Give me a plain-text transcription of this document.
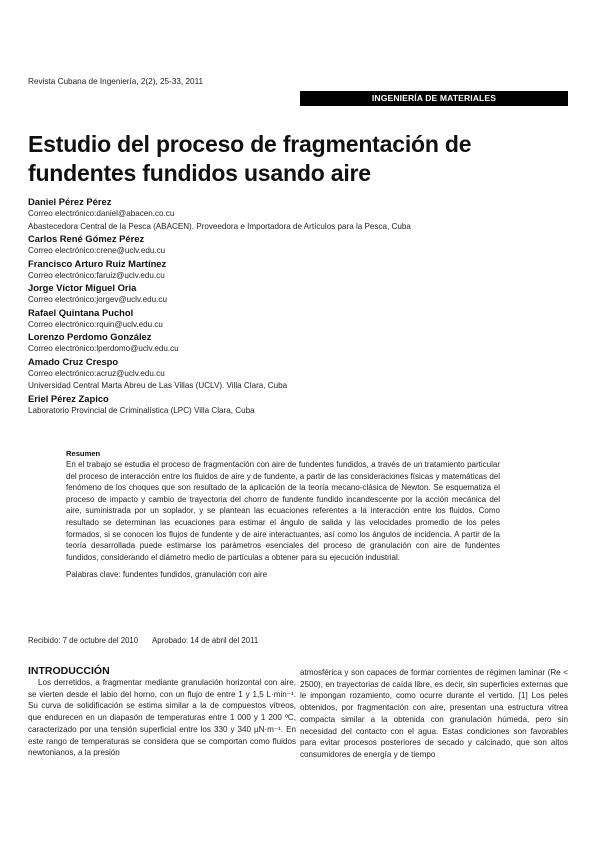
Revista Cubana de Ingeniería, 2(2), 25-33, 2011
INGENIERÍA DE MATERIALES
Estudio del proceso de fragmentación de fundentes fundidos usando aire
Daniel Pérez Pérez
Correo electrónico:daniel@abacen.co.cu
Abastecedora Central de la Pesca (ABACEN). Proveedora e Importadora de Artículos para la Pesca, Cuba
Carlos René Gómez Pérez
Correo electrónico:crene@uclv.edu.cu
Francisco Arturo Ruiz Martínez
Correo electrónico:faruiz@uclv.edu.cu
Jorge Víctor Miguel Oria
Correo electrónico:jorgev@uclv.edu.cu
Rafael Quintana Puchol
Correo electrónico:rquin@uclv.edu.cu
Lorenzo Perdomo González
Correo electrónico:lperdomo@uclv.edu.cu
Amado Cruz Crespo
Correo electrónico:acruz@uclv.edu.cu
Universidad Central Marta Abreu de Las Villas (UCLV). Villa Clara, Cuba
Eriel Pérez Zapico
Laboratorio Provincial de Criminalística (LPC) Villa Clara, Cuba
Resumen
En el trabajo se estudia el proceso de fragmentación con aire de fundentes fundidos, a través de un tratamiento particular del proceso de interacción entre los fluidos de aire y de fundente, a partir de las consideraciones físicas y matemáticas del fenómeno de los choques que son resultado de la aplicación de la teoría mecano-clásica de Newton. Se esquematiza el proceso de impacto y cambio de trayectoria del chorro de fundente fundido incandescente por la acción mecánica del aire, suministrada por un soplador, y se plantean las ecuaciones referentes a la interacción entre los fluidos. Como resultado se determinan las ecuaciones para estimar el ángulo de salida y las velocidades promedio de los peles formados, si se conocen los flujos de fundente y de aire interactuantes, así como los ángulos de incidencia. A partir de la teoría desarrollada puede estimarse los parámetros esenciales del proceso de granulación con aire de fundentes fundidos, considerando el diámetro medio de partículas a obtener para su ejecución industrial.
Palabras clave: fundentes fundidos, granulación con aire
Recibido: 7 de octubre del 2010 Aprobado: 14 de abril del 2011
INTRODUCCIÓN
Los derretidos, a fragmentar mediante granulación horizontal con aire, se vierten desde el labio del horno, con un flujo de entre 1 y 1,5 L·min⁻¹. Su curva de solidificación se estima similar a la de compuestos vítreos, que endurecen en un diapasón de temperaturas entre 1 000 y 1 200 ºC, caracterizado por una tensión superficial entre los 330 y 340 µN·m⁻¹. En este rango de temperaturas se considera que se comportan como fluidos newtonianos, a la presión
atmosférica y son capaces de formar corrientes de régimen laminar (Re < 2500), en trayectorias de caída libre, es decir, sin superficies externas que le impongan rozamiento, como ocurre durante el vertido. [1] Los peles obtenidos, por fragmentación con aire, presentan una estructura vítrea compacta similar a la obtenida con granulación húmeda, pero sin necesidad del contacto con el agua. Estas condiciones son favorables para evitar procesos posteriores de secado y calcinado, que son altos consumidores de energía y de tiempo
